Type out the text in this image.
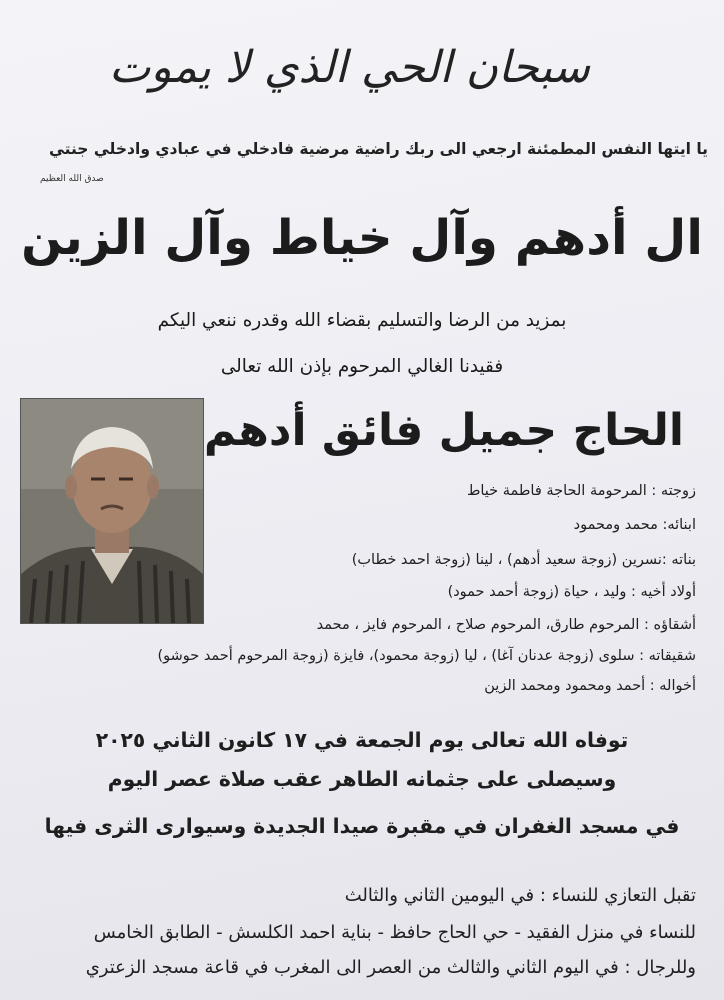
سبحان الحي الذي لا يموت
يا ايتها النفس المطمئنة ارجعي الى ربك راضية مرضية فادخلي في عبادي وادخلي جنتي
صدق الله العظيم
ال أدهم وآل خياط وآل الزين
بمزيد من الرضا والتسليم بقضاء الله وقدره ننعي اليكم
فقيدنا الغالي المرحوم بإذن الله تعالى
الحاج جميل فائق أدهم
زوجته : المرحومة الحاجة فاطمة خياط
ابنائه: محمد ومحمود
بناته :نسرين (زوجة سعيد أدهم) ، لينا (زوجة احمد خطاب)
أولاد أخيه : وليد ، حياة (زوجة أحمد حمود)
أشقاؤه : المرحوم طارق، المرحوم صلاح ، المرحوم فايز ، محمد
شقيقاته : سلوى (زوجة عدنان آغا) ، ليا (زوجة محمود)، فايزة (زوجة المرحوم أحمد حوشو)
أخواله : أحمد ومحمود ومحمد الزين
توفاه الله تعالى يوم الجمعة في ١٧ كانون الثاني ٢٠٢٥
وسيصلى على جثمانه الطاهر عقب صلاة عصر اليوم
في مسجد الغفران في مقبرة صيدا الجديدة وسيوارى الثرى فيها
تقبل التعازي للنساء : في اليومين الثاني والثالث
للنساء في منزل الفقيد - حي الحاج حافظ - بناية احمد الكلسش - الطابق الخامس
وللرجال : في اليوم الثاني والثالث من العصر الى المغرب في قاعة مسجد الزعتري
